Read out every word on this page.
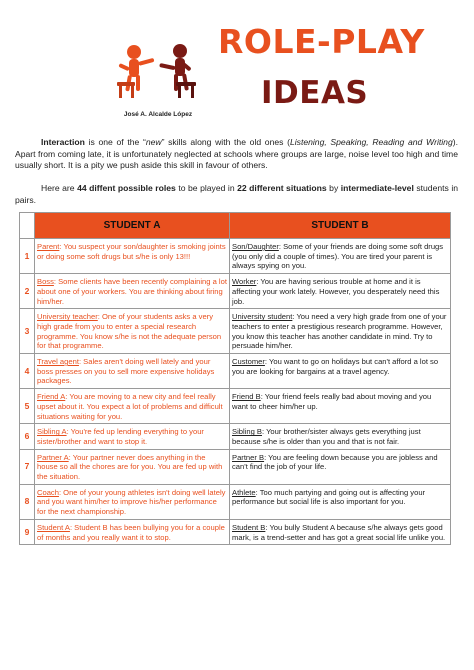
José A. Alcalde López
ROLE-PLAY
IDEAS

Interaction is one of the “new” skills along with the old ones (Listening, Speaking, Reading and Writing). Apart from coming late, it is unfortunately neglected at schools where groups are large, noise level too high and time usually short. It is a pity we push aside this skill in favour of others.

Here are 44 diffent possible roles to be played in 22 different situations by intermediate-level students in pairs.

	STUDENT A	STUDENT B
1	Parent: You suspect your son/daughter is smoking joints or doing some soft drugs but s/he is only 13!!!	Son/Daughter: Some of your friends are doing some soft drugs (you only did a couple of times). You are tired your parent is always spying on you.
2	Boss: Some clients have been recently complaining a lot about one of your workers. You are thinking about firing him/her.	Worker: You are having serious trouble at home and it is affecting your work lately. However, you desperately need this job.
3	University teacher: One of your students asks a very high grade from you to enter a special research programme. You know s/he is not the adequate person for that programme.	University student: You need a very high grade from one of your teachers to enter a prestigious research programme. However, you know this teacher has another candidate in mind. Try to persuade him/her.
4	Travel agent: Sales aren't doing well lately and your boss presses on you to sell more expensive holidays packages.	Customer: You want to go on holidays but can't afford a lot so you are looking for bargains at a travel agency.
5	Friend A: You are moving to a new city and feel really upset about it. You expect a lot of problems and difficult situations waiting for you.	Friend B: Your friend feels really bad about moving and you want to cheer him/her up.
6	Sibling A: You're fed up lending everything to your sister/brother and want to stop it.	Sibling B: Your brother/sister always gets everything just because s/he is older than you and that is not fair.
7	Partner A: Your partner never does anything in the house so all the chores are for you. You are fed up with the situation.	Partner B: You are feeling down because you are jobless and can't find the job of your life.
8	Coach: One of your young athletes isn't doing well lately and you want him/her to improve his/her performance for the next championship.	Athlete: Too much partying and going out is affecting your performance but social life is also important for you.
9	Student A: Student B has been bullying you for a couple of months and you really want it to stop.	Student B: You bully Student A because s/he always gets good mark, is a trend-setter and has got a great social life unlike you.
